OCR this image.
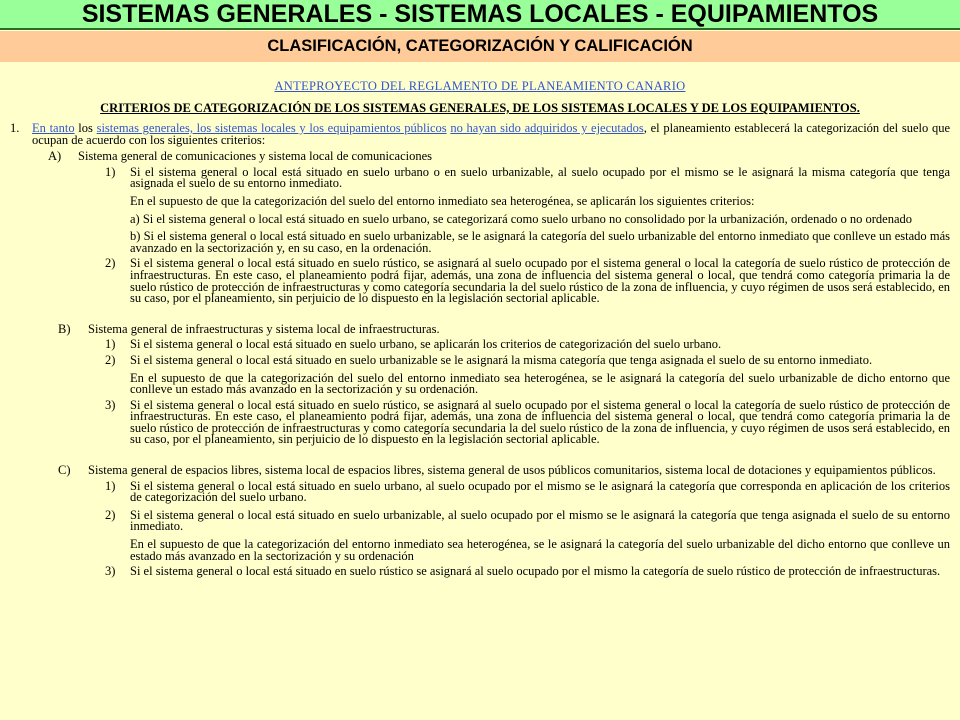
SISTEMAS GENERALES - SISTEMAS LOCALES - EQUIPAMIENTOS
CLASIFICACIÓN, CATEGORIZACIÓN Y CALIFICACIÓN
ANTEPROYECTO DEL REGLAMENTO DE PLANEAMIENTO CANARIO
CRITERIOS DE CATEGORIZACIÓN DE LOS SISTEMAS GENERALES, DE LOS SISTEMAS LOCALES Y DE LOS EQUIPAMIENTOS.

1. En tanto los sistemas generales, los sistemas locales y los equipamientos públicos no hayan sido adquiridos y ejecutados, el planeamiento establecerá la categorización del suelo que ocupan de acuerdo con los siguientes criterios:

A)	Sistema general de comunicaciones y sistema local de comunicaciones
1)	Si el sistema general o local está situado en suelo urbano o en suelo urbanizable, al suelo ocupado por el mismo se le asignará la misma categoría que tenga asignada el suelo de su entorno inmediato.

En el supuesto de que la categorización del suelo del entorno inmediato sea heterogénea, se aplicarán los siguientes criterios:

a) Si el sistema general o local está situado en suelo urbano, se categorizará como suelo urbano no consolidado por la urbanización, ordenado o no ordenado

b) Si el sistema general o local está situado en suelo urbanizable, se le asignará la categoría del suelo urbanizable del entorno inmediato que conlleve un estado más avanzado en la sectorización y, en su caso, en la ordenación.

2)	Si el sistema general o local está situado en suelo rústico, se asignará al suelo ocupado por el sistema general o local la categoría de suelo rústico de protección de infraestructuras. En este caso, el planeamiento podrá fijar, además, una zona de influencia del sistema general o local, que tendrá como categoría primaria la de suelo rústico de protección de infraestructuras y como categoría secundaria la del suelo rústico de la zona de influencia, y cuyo régimen de usos será establecido, en su caso, por el planeamiento, sin perjuicio de lo dispuesto en la legislación sectorial aplicable.

B)	Sistema general de infraestructuras y sistema local de infraestructuras.
1)	Si el sistema general o local está situado en suelo urbano, se aplicarán los criterios de categorización del suelo urbano.

2)	Si el sistema general o local está situado en suelo urbanizable se le asignará la misma categoría que tenga asignada el suelo de su entorno inmediato.

En el supuesto de que la categorización del suelo del entorno inmediato sea heterogénea, se le asignará la categoría del suelo urbanizable de dicho entorno que conlleve un estado más avanzado en la sectorización y su ordenación.

3)	Si el sistema general o local está situado en suelo rústico, se asignará al suelo ocupado por el sistema general o local la categoría de suelo rústico de protección de infraestructuras. En este caso, el planeamiento podrá fijar, además, una zona de influencia del sistema general o local, que tendrá como categoría primaria la de suelo rústico de protección de infraestructuras y como categoría secundaria la del suelo rústico de la zona de influencia, y cuyo régimen de usos será establecido, en su caso, por el planeamiento, sin perjuicio de lo dispuesto en la legislación sectorial aplicable.

C)	Sistema general de espacios libres, sistema local de espacios libres, sistema general de usos públicos comunitarios, sistema local de dotaciones y equipamientos públicos.

1)	Si el sistema general o local está situado en suelo urbano, al suelo ocupado por el mismo se le asignará la categoría que corresponda en aplicación de los criterios de categorización del suelo urbano.

2)	Si el sistema general o local está situado en suelo urbanizable, al suelo ocupado por el mismo se le asignará la categoría que tenga asignada el suelo de su entorno inmediato.

En el supuesto de que la categorización del entorno inmediato sea heterogénea, se le asignará la categoría del suelo urbanizable del dicho entorno que conlleve un estado más avanzado en la sectorización y su ordenación

3)	Si el sistema general o local está situado en suelo rústico se asignará al suelo ocupado por el mismo la categoría de suelo rústico de protección de infraestructuras.
